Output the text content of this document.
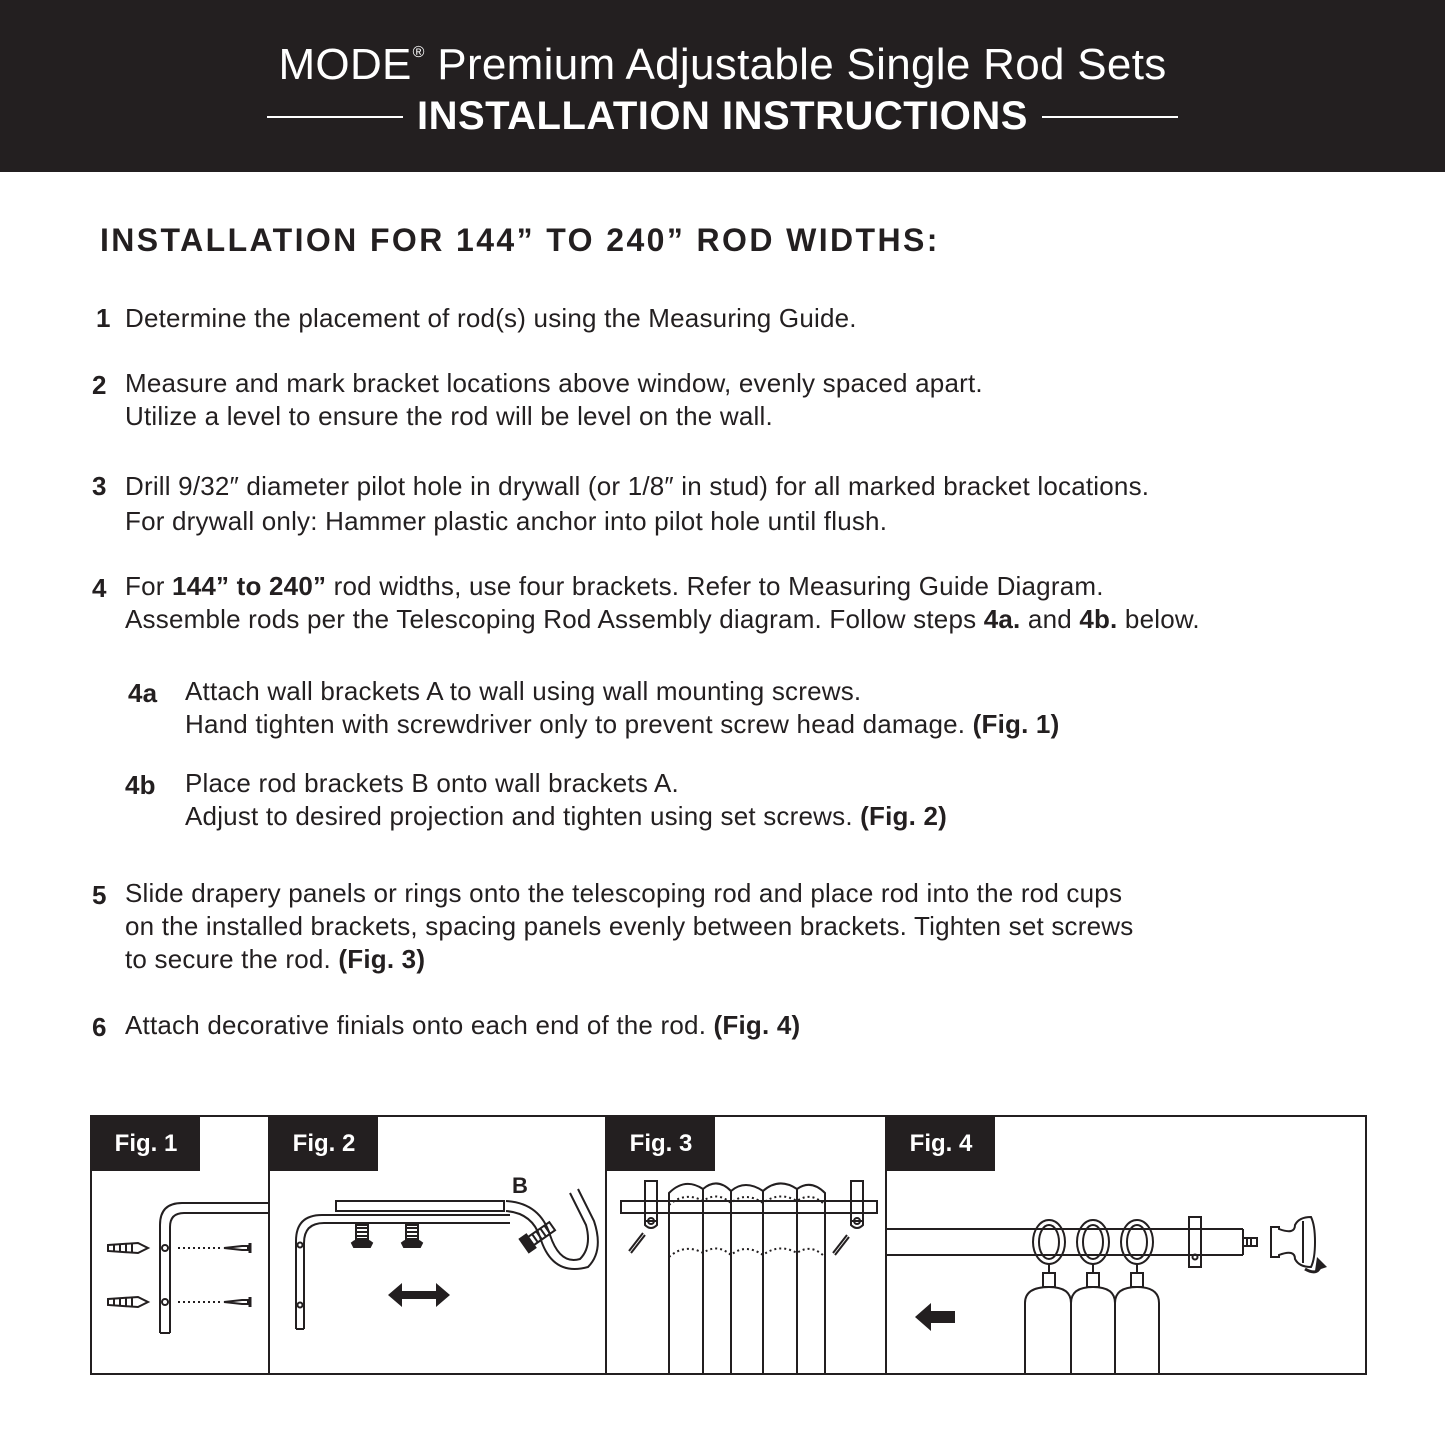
MODE® Premium Adjustable Single Rod Sets
INSTALLATION INSTRUCTIONS
INSTALLATION FOR 144” TO 240” ROD WIDTHS:
1 Determine the placement of rod(s) using the Measuring Guide.
2 Measure and mark bracket locations above window, evenly spaced apart.
Utilize a level to ensure the rod will be level on the wall.
3 Drill 9/32″ diameter pilot hole in drywall (or 1/8″ in stud) for all marked bracket locations.
For drywall only: Hammer plastic anchor into pilot hole until flush.
4 For 144” to 240” rod widths, use four brackets. Refer to Measuring Guide Diagram.
Assemble rods per the Telescoping Rod Assembly diagram. Follow steps 4a. and 4b. below.
4a Attach wall brackets A to wall using wall mounting screws.
Hand tighten with screwdriver only to prevent screw head damage. (Fig. 1)
4b Place rod brackets B onto wall brackets A.
Adjust to desired projection and tighten using set screws. (Fig. 2)
5 Slide drapery panels or rings onto the telescoping rod and place rod into the rod cups
on the installed brackets, spacing panels evenly between brackets. Tighten set screws
to secure the rod. (Fig. 3)
6 Attach decorative finials onto each end of the rod. (Fig. 4)
Fig. 1
B
Fig. 2	Fig. 3	Fig. 4
